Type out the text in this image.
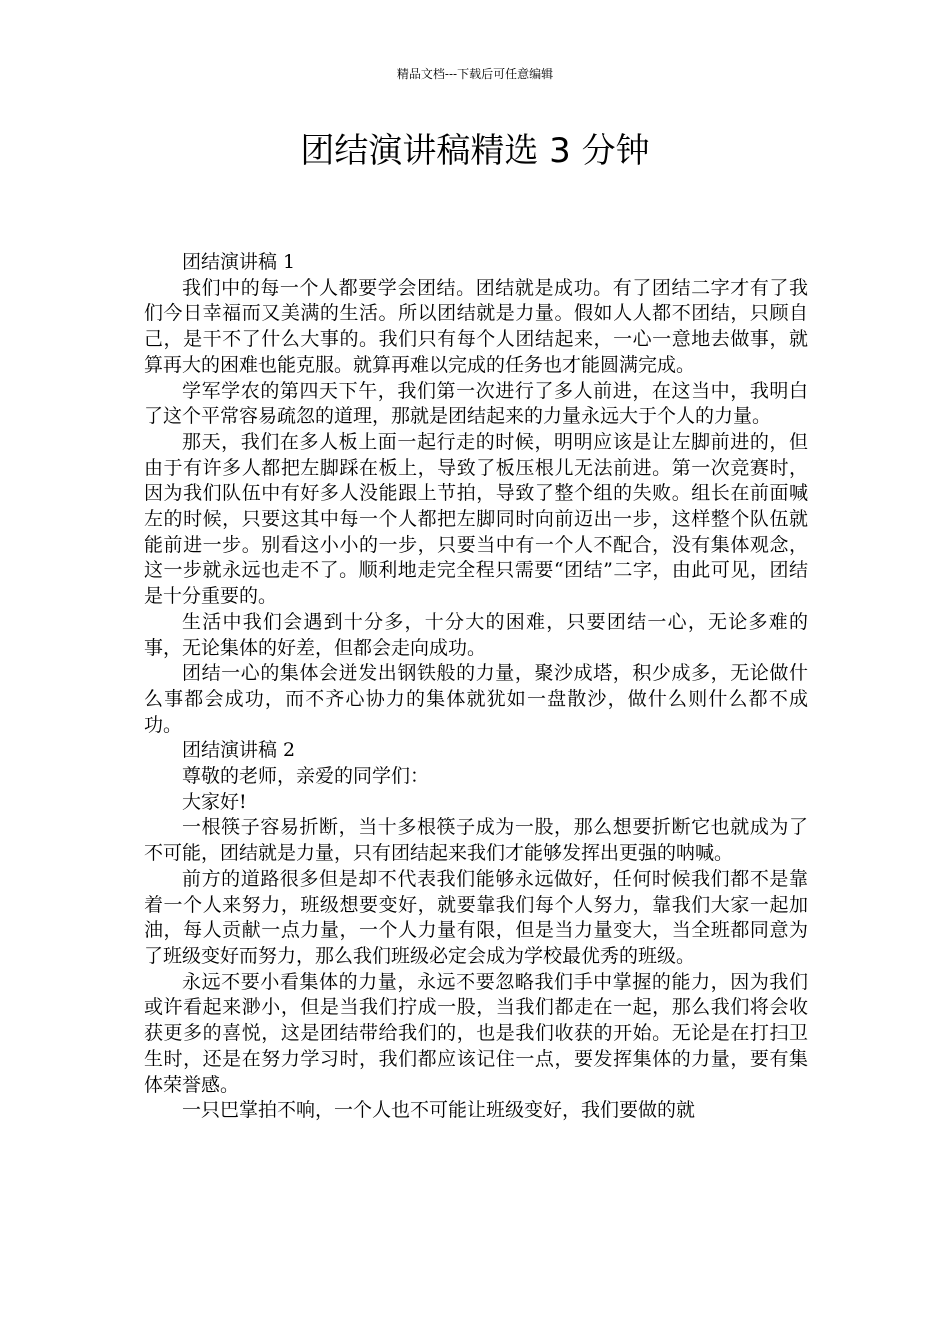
精品文档---下载后可任意编辑
团结演讲稿精选 3 分钟

团结演讲稿 1

我们中的每一个人都要学会团结。团结就是成功。有了团结二字才有了我们今日幸福而又美满的生活。所以团结就是力量。假如人人都不团结，只顾自己，是干不了什么大事的。我们只有每个人团结起来，一心一意地去做事，就算再大的困难也能克服。就算再难以完成的任务也才能圆满完成。

学军学农的第四天下午，我们第一次进行了多人前进，在这当中，我明白了这个平常容易疏忽的道理，那就是团结起来的力量永远大于个人的力量。

那天，我们在多人板上面一起行走的时候，明明应该是让左脚前进的，但由于有许多人都把左脚踩在板上，导致了板压根儿无法前进。第一次竞赛时，因为我们队伍中有好多人没能跟上节拍，导致了整个组的失败。组长在前面喊左的时候，只要这其中每一个人都把左脚同时向前迈出一步，这样整个队伍就能前进一步。别看这小小的一步，只要当中有一个人不配合，没有集体观念，这一步就永远也走不了。顺利地走完全程只需要“团结”二字，由此可见，团结是十分重要的。

生活中我们会遇到十分多，十分大的困难，只要团结一心，无论多难的事，无论集体的好差，但都会走向成功。

团结一心的集体会迸发出钢铁般的力量，聚沙成塔，积少成多，无论做什么事都会成功，而不齐心协力的集体就犹如一盘散沙，做什么则什么都不成功。

团结演讲稿 2

尊敬的老师，亲爱的同学们：

大家好!

一根筷子容易折断，当十多根筷子成为一股，那么想要折断它也就成为了不可能，团结就是力量，只有团结起来我们才能够发挥出更强的呐喊。

前方的道路很多但是却不代表我们能够永远做好，任何时候我们都不是靠着一个人来努力，班级想要变好，就要靠我们每个人努力，靠我们大家一起加油，每人贡献一点力量，一个人力量有限，但是当力量变大，当全班都同意为了班级变好而努力，那么我们班级必定会成为学校最优秀的班级。

永远不要小看集体的力量，永远不要忽略我们手中掌握的能力，因为我们或许看起来渺小，但是当我们拧成一股，当我们都走在一起，那么我们将会收获更多的喜悦，这是团结带给我们的，也是我们收获的开始。无论是在打扫卫生时，还是在努力学习时，我们都应该记住一点，要发挥集体的力量，要有集体荣誉感。

一只巴掌拍不响，一个人也不可能让班级变好，我们要做的就
